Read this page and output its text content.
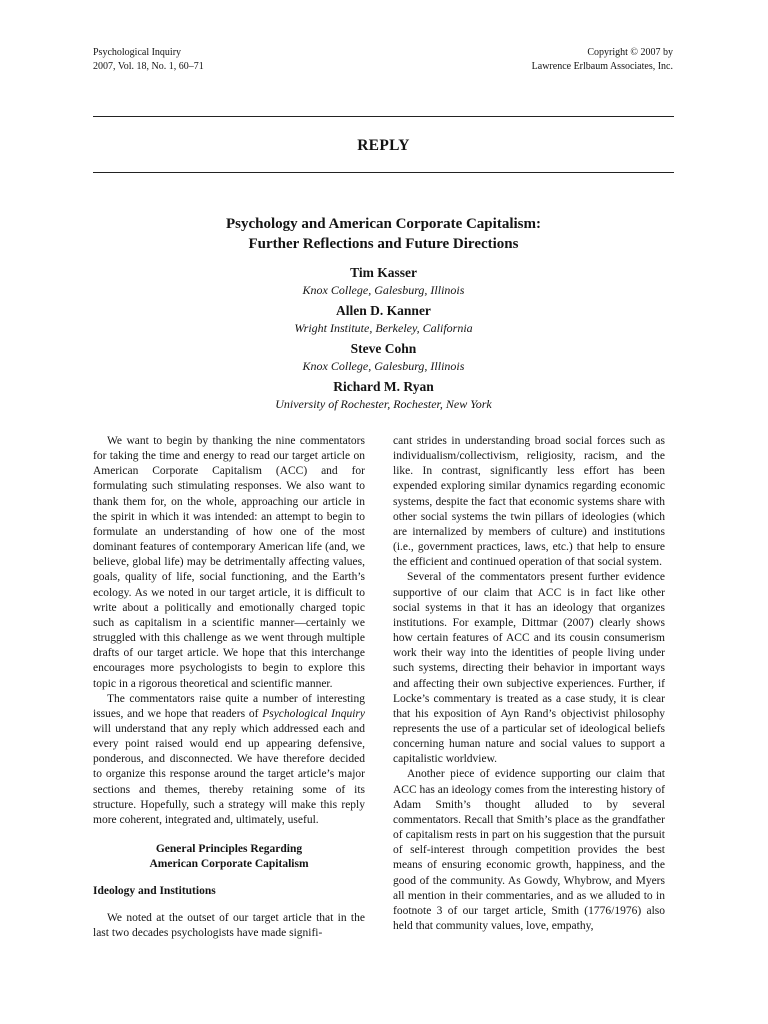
Psychological Inquiry
2007, Vol. 18, No. 1, 60–71
Copyright © 2007 by
Lawrence Erlbaum Associates, Inc.
REPLY
Psychology and American Corporate Capitalism:
Further Reflections and Future Directions
Tim Kasser
Knox College, Galesburg, Illinois
Allen D. Kanner
Wright Institute, Berkeley, California
Steve Cohn
Knox College, Galesburg, Illinois
Richard M. Ryan
University of Rochester, Rochester, New York

We want to begin by thanking the nine commentators for taking the time and energy to read our target article on American Corporate Capitalism (ACC) and for formulating such stimulating responses. We also want to thank them for, on the whole, approaching our article in the spirit in which it was intended: an attempt to begin to formulate an understanding of how one of the most dominant features of contemporary American life (and, we believe, global life) may be detrimentally affecting values, goals, quality of life, social functioning, and the Earth’s ecology. As we noted in our target article, it is difficult to write about a politically and emotionally charged topic such as capitalism in a scientific manner—certainly we struggled with this challenge as we went through multiple drafts of our target article. We hope that this interchange encourages more psychologists to begin to explore this topic in a rigorous theoretical and scientific manner.

The commentators raise quite a number of interesting issues, and we hope that readers of Psychological Inquiry will understand that any reply which addressed each and every point raised would end up appearing defensive, ponderous, and disconnected. We have therefore decided to organize this response around the target article’s major sections and themes, thereby retaining some of its structure. Hopefully, such a strategy will make this reply more coherent, integrated and, ultimately, useful.

General Principles Regarding
American Corporate Capitalism
Ideology and Institutions

We noted at the outset of our target article that in the last two decades psychologists have made signifi-

cant strides in understanding broad social forces such as individualism/collectivism, religiosity, racism, and the like. In contrast, significantly less effort has been expended exploring similar dynamics regarding economic systems, despite the fact that economic systems share with other social systems the twin pillars of ideologies (which are internalized by members of culture) and institutions (i.e., government practices, laws, etc.) that help to ensure the efficient and continued operation of that social system.

Several of the commentators present further evidence supportive of our claim that ACC is in fact like other social systems in that it has an ideology that organizes institutions. For example, Dittmar (2007) clearly shows how certain features of ACC and its cousin consumerism work their way into the identities of people living under such systems, directing their behavior in important ways and affecting their own subjective experiences. Further, if Locke’s commentary is treated as a case study, it is clear that his exposition of Ayn Rand’s objectivist philosophy represents the use of a particular set of ideological beliefs concerning human nature and social values to support a capitalistic worldview.

Another piece of evidence supporting our claim that ACC has an ideology comes from the interesting history of Adam Smith’s thought alluded to by several commentators. Recall that Smith’s place as the grandfather of capitalism rests in part on his suggestion that the pursuit of self-interest through competition provides the best means of ensuring economic growth, happiness, and the good of the community. As Gowdy, Whybrow, and Myers all mention in their commentaries, and as we alluded to in footnote 3 of our target article, Smith (1776/1976) also held that community values, love, empathy,
